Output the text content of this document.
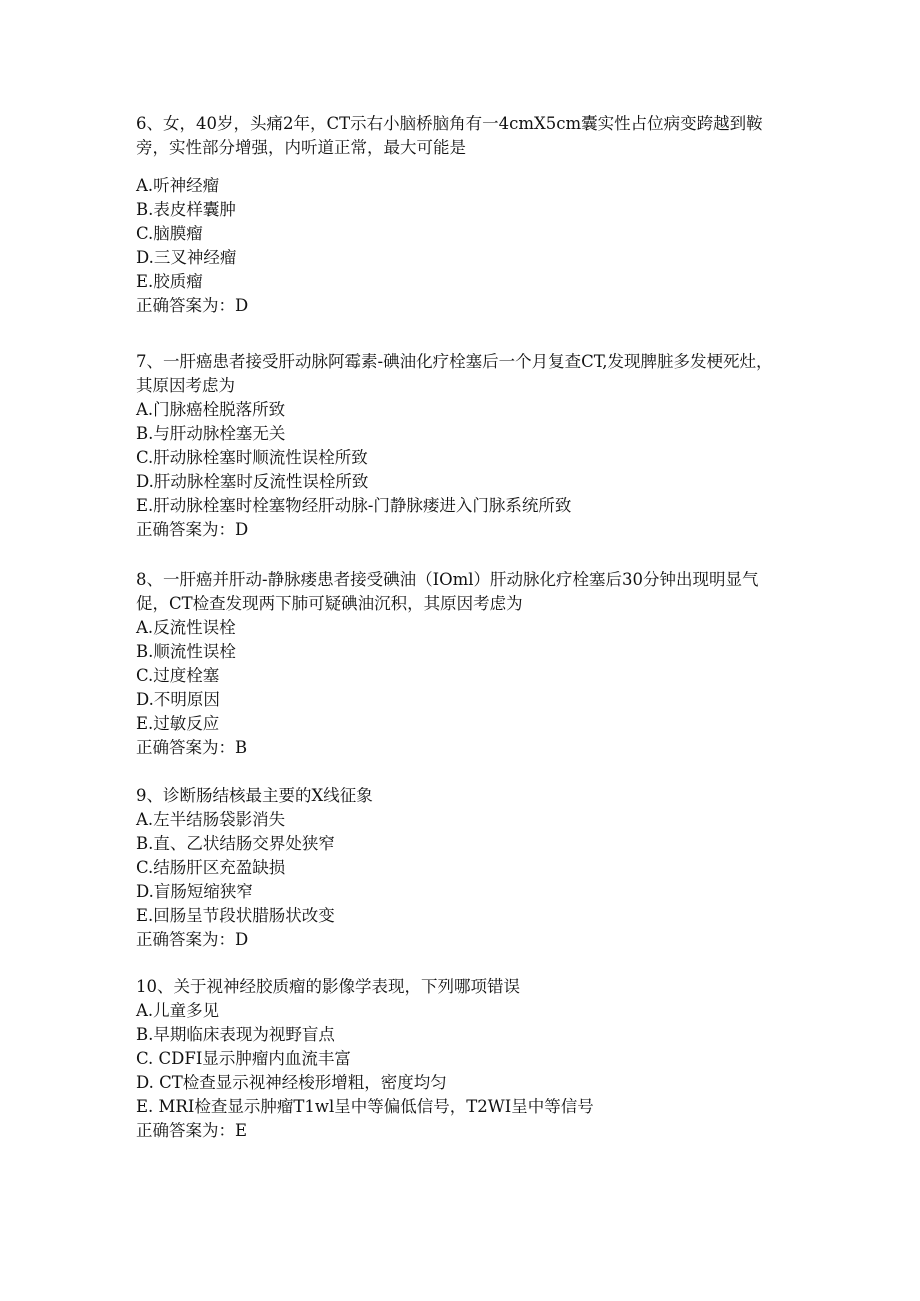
6、女，40岁，头痛2年，CT示右小脑桥脑角有一4cmX5cm囊实性占位病变跨越到鞍旁，实性部分增强，内听道正常，最大可能是

A.听神经瘤

B.表皮样囊肿

C.脑膜瘤

D.三叉神经瘤

E.胶质瘤

正确答案为：D

7、一肝癌患者接受肝动脉阿霉素-碘油化疗栓塞后一个月复查CT,发现脾脏多发梗死灶，其原因考虑为

A.门脉癌栓脱落所致

B.与肝动脉栓塞无关

C.肝动脉栓塞时顺流性误栓所致

D.肝动脉栓塞时反流性误栓所致

E.肝动脉栓塞时栓塞物经肝动脉-门静脉瘘进入门脉系统所致

正确答案为：D

8、一肝癌并肝动-静脉瘘患者接受碘油（IOml）肝动脉化疗栓塞后30分钟出现明显气促，CT检查发现两下肺可疑碘油沉积，其原因考虑为

A.反流性误栓

B.顺流性误栓

C.过度栓塞

D.不明原因

E.过敏反应

正确答案为：B

9、诊断肠结核最主要的X线征象

A.左半结肠袋影消失

B.直、乙状结肠交界处狭窄

C.结肠肝区充盈缺损

D.盲肠短缩狭窄

E.回肠呈节段状腊肠状改变

正确答案为：D

10、关于视神经胶质瘤的影像学表现，下列哪项错误

A.儿童多见

B.早期临床表现为视野盲点

C. CDFI显示肿瘤内血流丰富

D. CT检查显示视神经梭形增粗，密度均匀

E. MRI检查显示肿瘤T1wl呈中等偏低信号，T2WI呈中等信号

正确答案为：E
